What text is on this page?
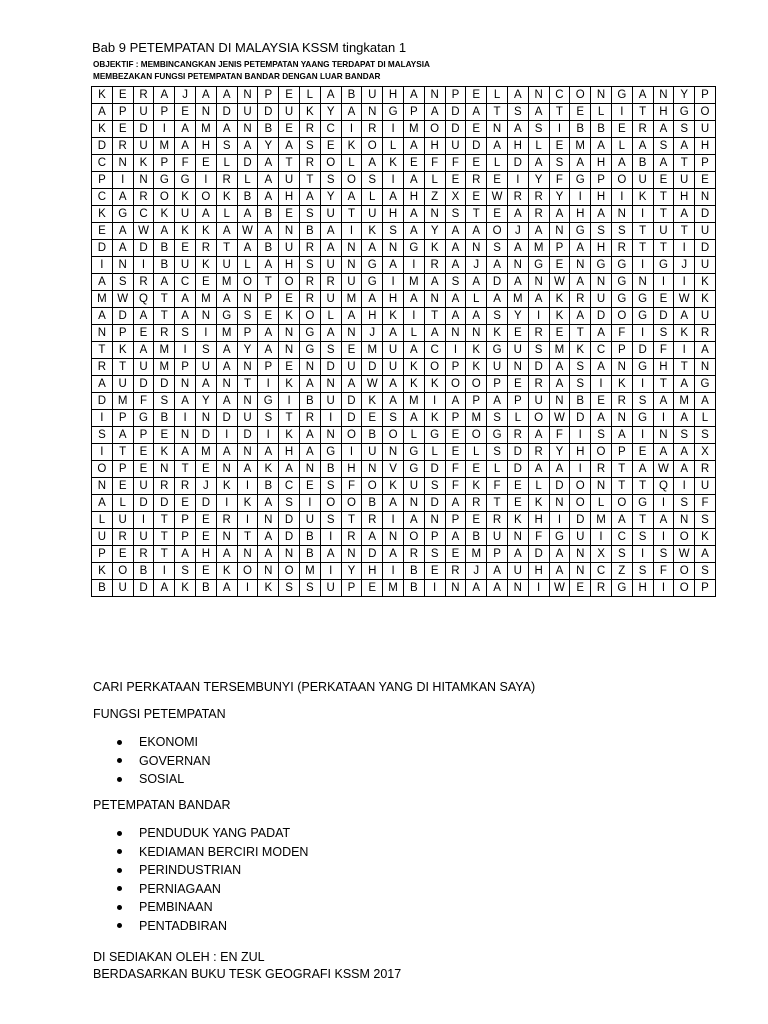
Bab 9 PETEMPATAN DI MALAYSIA KSSM tingkatan 1
OBJEKTIF : MEMBINCANGKAN JENIS PETEMPATAN YAANG TERDAPAT DI MALAYSIA
MEMBEZAKAN FUNGSI PETEMPATAN BANDAR DENGAN LUAR BANDAR
K	E	R	A	J	A	A	N	P	E	L	A	B	U	H	A	N	P	E	L	A	N	C	O	N	G	A	N	Y	P
A	P	U	P	E	N	D	U	D	U	K	Y	A	N	G	P	A	D	A	T	S	A	T	E	L	I	T	H	G	O
K	E	D	I	A	M	A	N	B	E	R	C	I	R	I	M	O	D	E	N	A	S	I	B	B	E	R	A	S	U
D	R	U	M	A	H	S	A	Y	A	S	E	K	O	L	A	H	U	D	A	H	L	E	M	A	L	A	S	A	H
C	N	K	P	F	E	L	D	A	T	R	O	L	A	K	E	F	F	E	L	D	A	S	A	H	A	B	A	T	P
P	I	N	G	G	I	R	L	A	U	T	S	O	S	I	A	L	E	R	E	I	Y	F	G	P	O	U	E	U	E
C	A	R	O	K	O	K	B	A	H	A	Y	A	L	A	H	Z	X	E	W	R	R	Y	I	H	I	K	T	H	N
K	G	C	K	U	A	L	A	B	E	S	U	T	U	H	A	N	S	T	E	A	R	A	H	A	N	I	T	A	D
E	A	W	A	K	K	A	W	A	N	B	A	I	K	S	A	Y	A	A	O	J	A	N	G	S	S	T	U	T	U
D	A	D	B	E	R	T	A	B	U	R	A	N	A	N	G	K	A	N	S	A	M	P	A	H	R	T	T	I	D
I	N	I	B	U	K	U	L	A	H	S	U	N	G	A	I	R	A	J	A	N	G	E	N	G	G	I	G	J	U
A	S	R	A	C	E	M	O	T	O	R	R	U	G	I	M	A	S	A	D	A	N	W	A	N	G	N	I	I	K
M	W	Q	T	A	M	A	N	P	E	R	U	M	A	H	A	N	A	L	A	M	A	K	R	U	G	G	E	W	K
A	D	A	T	A	N	G	S	E	K	O	L	A	H	K	I	T	A	A	S	Y	I	K	A	D	O	G	D	A	U
N	P	E	R	S	I	M	P	A	N	G	A	N	J	A	L	A	N	N	K	E	R	E	T	A	F	I	S	K	R
T	K	A	M	I	S	A	Y	A	N	G	S	E	M	U	A	C	I	K	G	U	S	M	K	C	P	D	F	I	A
R	T	U	M	P	U	A	N	P	E	N	D	U	D	U	K	O	P	K	U	N	D	A	S	A	N	G	H	T	N
A	U	D	D	N	A	N	T	I	K	A	N	A	W	A	K	K	O	O	P	E	R	A	S	I	K	I	T	A	G
D	M	F	S	A	Y	A	N	G	I	B	U	D	K	A	M	I	A	P	A	P	U	N	B	E	R	S	A	M	A
I	P	G	B	I	N	D	U	S	T	R	I	D	E	S	A	K	P	M	S	L	O	W	D	A	N	G	I	A	L
S	A	P	E	N	D	I	D	I	K	A	N	O	B	O	L	G	E	O	G	R	A	F	I	S	A	I	N	S	S
I	T	E	K	A	M	A	N	A	H	A	G	I	U	N	G	L	E	L	S	D	R	Y	H	O	P	E	A	A	X
O	P	E	N	T	E	N	A	K	A	N	B	H	N	V	G	D	F	E	L	D	A	A	I	R	T	A	W	A	R
N	E	U	R	R	J	K	I	B	C	E	S	F	O	K	U	S	F	K	F	E	L	D	O	N	T	T	Q	I	U
A	L	D	D	E	D	I	K	A	S	I	O	O	B	A	N	D	A	R	T	E	K	N	O	L	O	G	I	S	F
L	U	I	T	P	E	R	I	N	D	U	S	T	R	I	A	N	P	E	R	K	H	I	D	M	A	T	A	N	S
U	R	U	T	P	E	N	T	A	D	B	I	R	A	N	O	P	A	B	U	N	F	G	U	I	C	S	I	O	K
P	E	R	T	A	H	A	N	A	N	B	A	N	D	A	R	S	E	M	P	A	D	A	N	X	S	I	S	W	A
K	O	B	I	S	E	K	O	N	O	M	I	Y	H	I	B	E	R	J	A	U	H	A	N	C	Z	S	F	O	S
B	U	D	A	K	B	A	I	K	S	S	U	P	E	M	B	I	N	A	A	N	I	W	E	R	G	H	I	O	P
CARI PERKATAAN TERSEMBUNYI (PERKATAAN YANG DI HITAMKAN SAYA)
FUNGSI PETEMPATAN
EKONOMI
GOVERNAN
SOSIAL
PETEMPATAN BANDAR
PENDUDUK YANG PADAT
KEDIAMAN BERCIRI MODEN
PERINDUSTRIAN
PERNIAGAAN
PEMBINAAN
PENTADBIRAN
DI SEDIAKAN OLEH : EN ZUL
BERDASARKAN BUKU TESK GEOGRAFI KSSM 2017
